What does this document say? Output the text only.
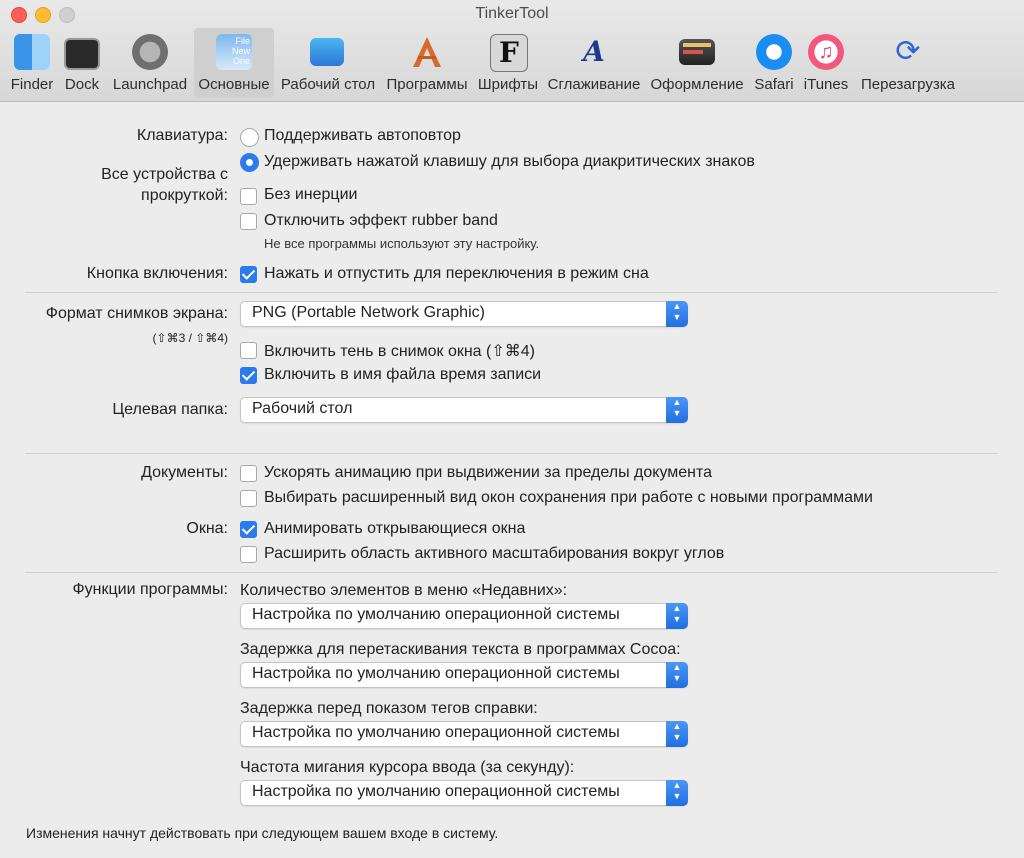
TinkerTool
Finder Dock Launchpad
File
New
One
Основные Рабочий стол Программы
F
Шрифты
A
Сглаживание Оформление Safari
♫
iTunes
⟳
Перезагрузка
Клавиатура: Поддерживать автоповтор
Удерживать нажатой клавишу для выбора диакритических знаков
Все устройства с
прокруткой: Без инерции
Отключить эффект rubber band
Не все программы используют эту настройку.
Кнопка включения: Нажать и отпустить для переключения в режим сна
Формат снимков экрана:
(⇧⌘3 / ⇧⌘4)
PNG (Portable Network Graphic)	▲
▼
Включить тень в снимок окна (⇧⌘4)
Включить в имя файла время записи
Целевая папка: Рабочий стол	▲
▼
Документы: Ускорять анимацию при выдвижении за пределы документа
Выбирать расширенный вид окон сохранения при работе с новыми программами
Окна: Анимировать открывающиеся окна
Расширить область активного масштабирования вокруг углов
Функции программы: Количество элементов в меню «Недавних»:
Настройка по умолчанию операционной системы	▲
▼
Задержка для перетаскивания текста в программах Cocoa:
Настройка по умолчанию операционной системы	▲
▼
Задержка перед показом тегов справки:
Настройка по умолчанию операционной системы	▲
▼
Частота мигания курсора ввода (за секунду):
Настройка по умолчанию операционной системы	▲
▼
Изменения начнут действовать при следующем вашем входе в систему.
